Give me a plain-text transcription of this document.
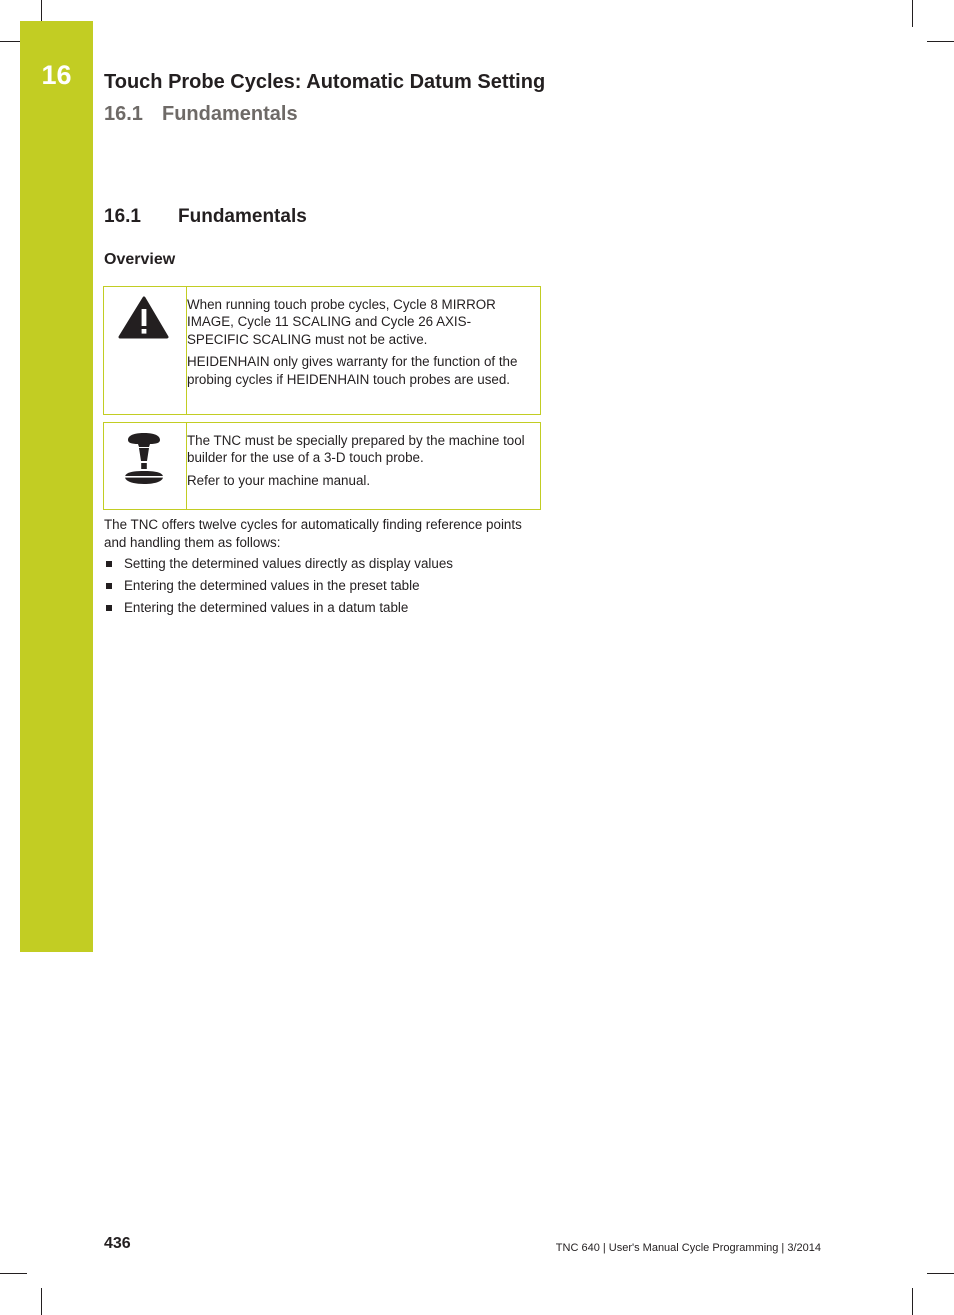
16	Touch Probe Cycles: Automatic Datum Setting
16.1 Fundamentals
16.1 Fundamentals
Overview

When running touch probe cycles, Cycle 8 MIRROR IMAGE, Cycle 11 SCALING and Cycle 26 AXIS-SPECIFIC SCALING must not be active.

HEIDENHAIN only gives warranty for the function of the probing cycles if HEIDENHAIN touch probes are used.

The TNC must be specially prepared by the machine tool builder for the use of a 3-D touch probe.

Refer to your machine manual.

The TNC offers twelve cycles for automatically finding reference points and handling them as follows:

Setting the determined values directly as display values
Entering the determined values in the preset table
Entering the determined values in a datum table
436	TNC 640 | User's Manual Cycle Programming | 3/2014
